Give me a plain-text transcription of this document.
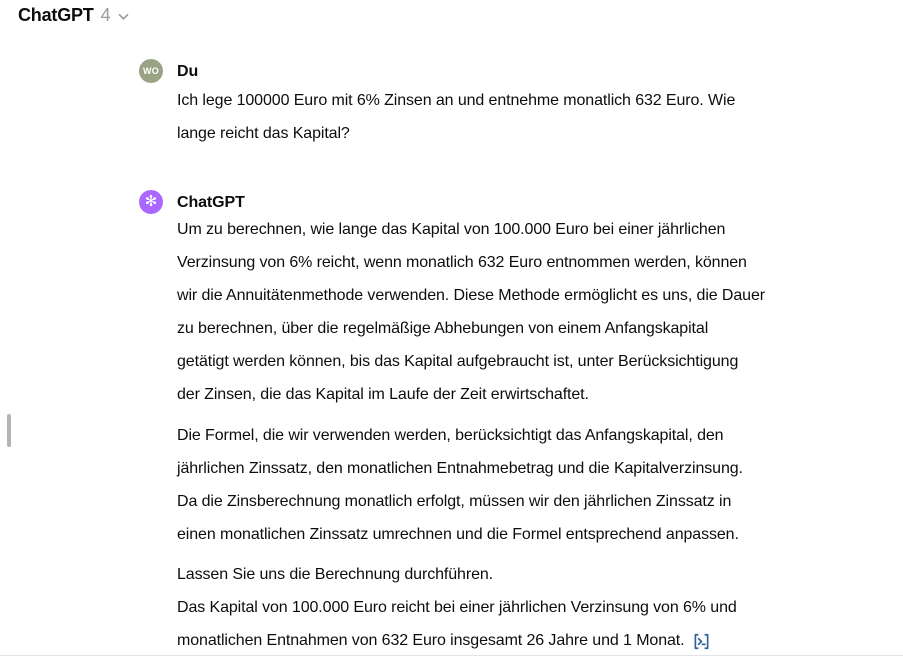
ChatGPT 4
WO Du
Ich lege 100000 Euro mit 6% Zinsen an und entnehme monatlich 632 Euro. Wie
lange reicht das Kapital?
✻ ChatGPT
Um zu berechnen, wie lange das Kapital von 100.000 Euro bei einer jährlichen
Verzinsung von 6% reicht, wenn monatlich 632 Euro entnommen werden, können
wir die Annuitätenmethode verwenden. Diese Methode ermöglicht es uns, die Dauer
zu berechnen, über die regelmäßige Abhebungen von einem Anfangskapital
getätigt werden können, bis das Kapital aufgebraucht ist, unter Berücksichtigung
der Zinsen, die das Kapital im Laufe der Zeit erwirtschaftet.
Die Formel, die wir verwenden werden, berücksichtigt das Anfangskapital, den
jährlichen Zinssatz, den monatlichen Entnahmebetrag und die Kapitalverzinsung.
Da die Zinsberechnung monatlich erfolgt, müssen wir den jährlichen Zinssatz in
einen monatlichen Zinssatz umrechnen und die Formel entsprechend anpassen.
Lassen Sie uns die Berechnung durchführen.
Das Kapital von 100.000 Euro reicht bei einer jährlichen Verzinsung von 6% und
monatlichen Entnahmen von 632 Euro insgesamt 26 Jahre und 1 Monat.
